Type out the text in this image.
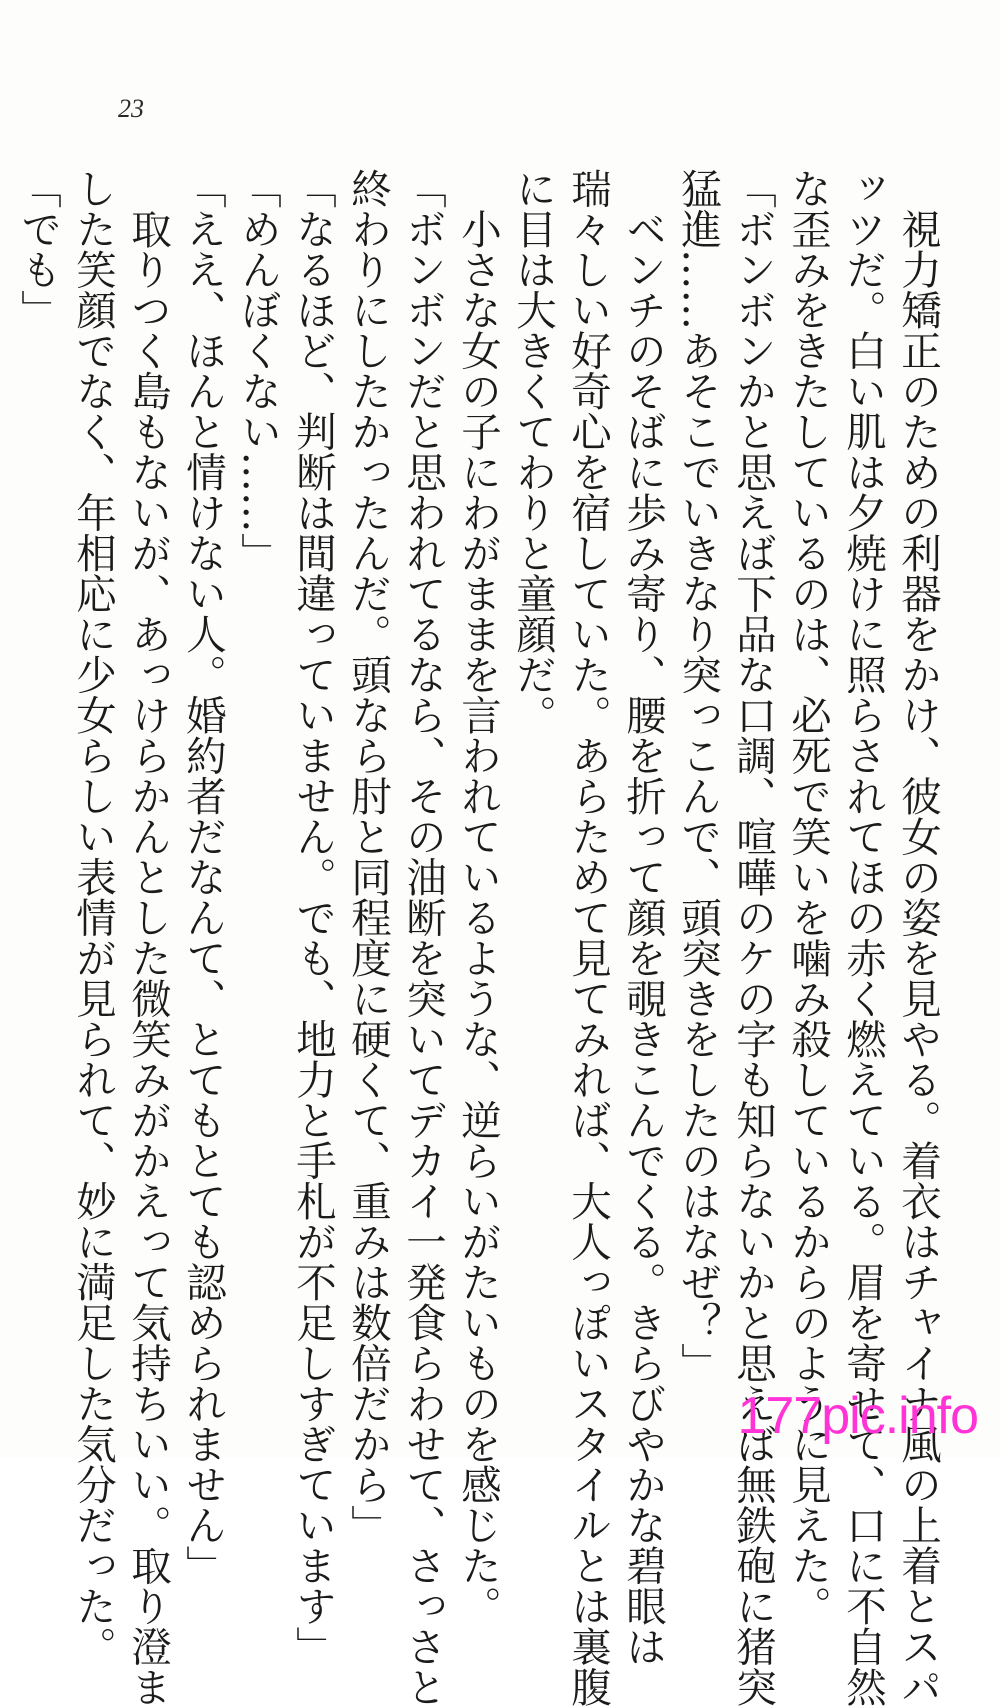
23
　視力矯正のための利器をかけ、彼女の姿を見やる。着衣はチャイナ風の上着とスパ
ッツだ。白い肌は夕焼けに照らされてほの赤く燃えている。眉を寄せて、口に不自然
な歪みをきたしているのは、必死で笑いを噛み殺しているからのように見えた。
「ボンボンかと思えば下品な口調、喧嘩のケの字も知らないかと思えば無鉄砲に猪突
猛進……あそこでいきなり突っこんで、頭突きをしたのはなぜ？」
　ベンチのそばに歩み寄り、腰を折って顔を覗きこんでくる。きらびやかな碧眼は
瑞々しい好奇心を宿していた。あらためて見てみれば、大人っぽいスタイルとは裏腹
に目は大きくてわりと童顔だ。
　小さな女の子にわがままを言われているような、逆らいがたいものを感じた。
「ボンボンだと思われてるなら、その油断を突いてデカイ一発食らわせて、さっさと
終わりにしたかったんだ。頭なら肘と同程度に硬くて、重みは数倍だから」
「なるほど、判断は間違っていません。でも、地力と手札が不足しすぎています」
「めんぼくない……」
「ええ、ほんと情けない人。婚約者だなんて、とてもとても認められません」
　取りつく島もないが、あっけらかんとした微笑みがかえって気持ちいい。取り澄ま
した笑顔でなく、年相応に少女らしい表情が見られて、妙に満足した気分だった。
「でも」
177pic.info
